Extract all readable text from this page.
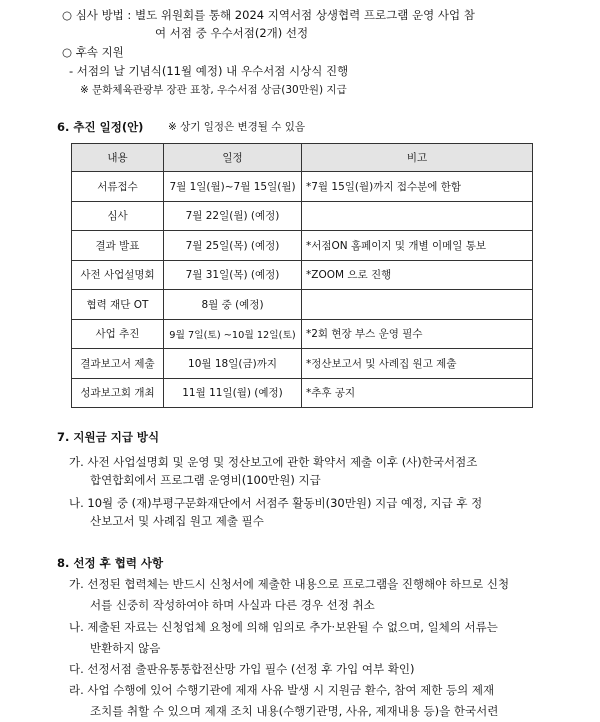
○ 심사 방법 : 별도 위원회를 통해 2024 지역서점 상생협력 프로그램 운영 사업 참
여 서점 중 우수서점(2개) 선정
○ 후속 지원
- 서점의 날 기념식(11월 예정) 내 우수서점 시상식 진행
※ 문화체육관광부 장관 표창, 우수서점 상금(30만원) 지급
6. 추진 일정(안) ※ 상기 일정은 변경될 수 있음
내용	일정	비고
서류접수	7월 1일(월)~7월 15일(월)	*7월 15일(월)까지 접수분에 한함
심사	7월 22일(월) (예정)	
결과 발표	7월 25일(목) (예정)	*서점ON 홈페이지 및 개별 이메일 통보
사전 사업설명회	7월 31일(목) (예정)	*ZOOM 으로 진행
협력 재단 OT	8월 중 (예정)	
사업 추진	9월 7일(토) ~10월 12일(토)	*2회 현장 부스 운영 필수
결과보고서 제출	10월 18일(금)까지	*정산보고서 및 사례집 원고 제출
성과보고회 개최	11월 11일(월) (예정)	*추후 공지
7. 지원금 지급 방식
가. 사전 사업설명회 및 운영 및 정산보고에 관한 확약서 제출 이후 (사)한국서점조
합연합회에서 프로그램 운영비(100만원) 지급
나. 10월 중 (재)부평구문화재단에서 서점주 활동비(30만원) 지급 예정, 지급 후 정
산보고서 및 사례집 원고 제출 필수
8. 선정 후 협력 사항
가. 선정된 협력체는 반드시 신청서에 제출한 내용으로 프로그램을 진행해야 하므로 신청
서를 신중히 작성하여야 하며 사실과 다른 경우 선정 취소
나. 제출된 자료는 신청업체 요청에 의해 임의로 추가·보완될 수 없으며, 일체의 서류는
반환하지 않음
다. 선정서점 출판유통통합전산망 가입 필수 (선정 후 가입 여부 확인)
라. 사업 수행에 있어 수행기관에 제재 사유 발생 시 지원금 환수, 참여 제한 등의 제재
조치를 취할 수 있으며 제재 조치 내용(수행기관명, 사유, 제재내용 등)을 한국서련
